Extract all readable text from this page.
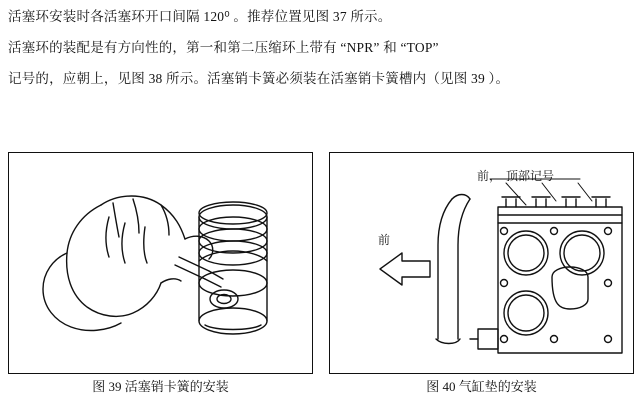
活塞环安装时各活塞环开口间隔 120⁰ 。推荐位置见图 37 所示。

活塞环的装配是有方向性的，第一和第二压缩环上带有 “NPR” 和 “TOP”

记号的，应朝上，见图 38 所示。活塞销卡簧必须装在活塞销卡簧槽内（见图 39 ）。

图 39 活塞销卡簧的安装
前
前， 顶部记号
图 40 气缸垫的安装
